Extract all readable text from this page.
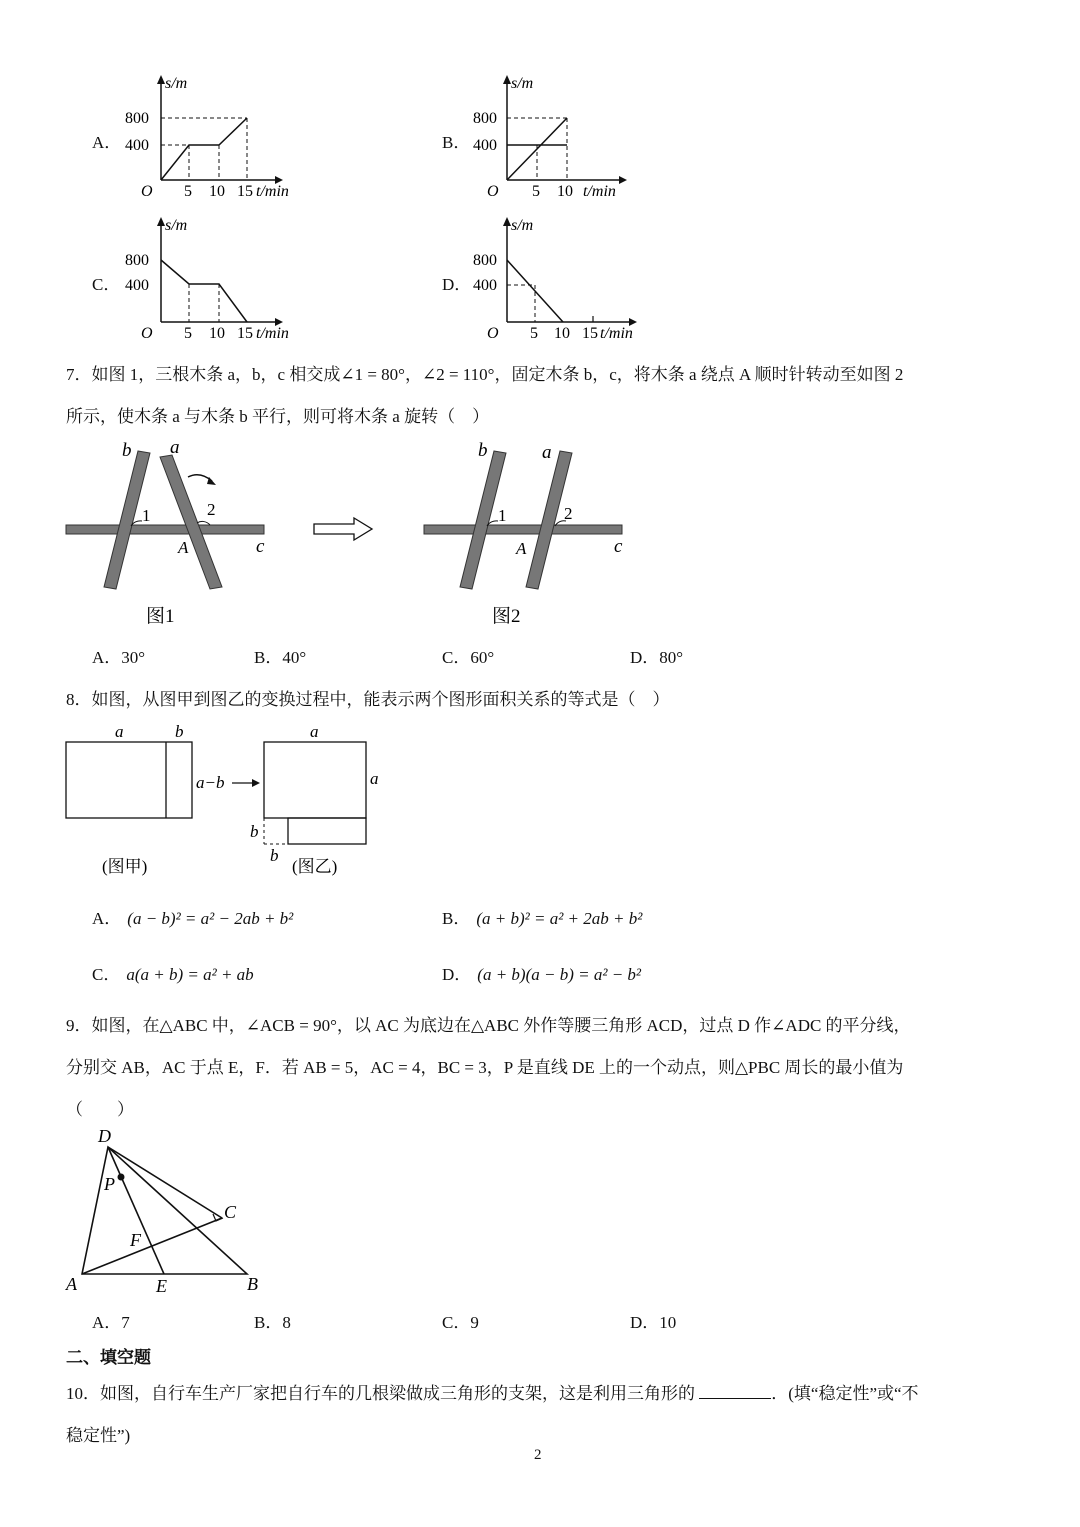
A．
s/m
800
400
O 5 10 15 t/min
B．
s/m
800
400
O 5 10 t/min
C．
s/m
800
400
O 5 10 15 t/min
D．
s/m
800
400
O 5 10 15 t/min
7．如图 1，三根木条 a，b，c 相交成∠1 = 80°，∠2 = 110°，固定木条 b，c，将木条 a 绕点 A 顺时针转动至如图 2
所示，使木条 a 与木条 b 平行，则可将木条 a 旋转（　）
b a
1	2
A	c
图1
b	a
1	2
A	c
图2
A．30°	B．40°	C．60°	D．80°
8．如图，从图甲到图乙的变换过程中，能表示两个图形面积关系的等式是（　）
a	b
a−b
a
a
b
b
(图甲)	(图乙)
A． (a − b)² = a² − 2ab + b²	B． (a + b)² = a² + 2ab + b²
C． a(a + b) = a² + ab	D． (a + b)(a − b) = a² − b²
9．如图，在△ABC 中，∠ACB = 90°，以 AC 为底边在△ABC 外作等腰三角形 ACD，过点 D 作∠ADC 的平分线，
分别交 AB，AC 于点 E，F．若 AB = 5，AC = 4，BC = 3，P 是直线 DE 上的一个动点，则△PBC 周长的最小值为
（　　）
D
P
C
F
A	E	B
A．7	B．8	C．9	D．10
二、填空题
10．如图，自行车生产厂家把自行车的几根梁做成三角形的支架，这是利用三角形的	．(填“稳定性”或“不
稳定性”)
2
